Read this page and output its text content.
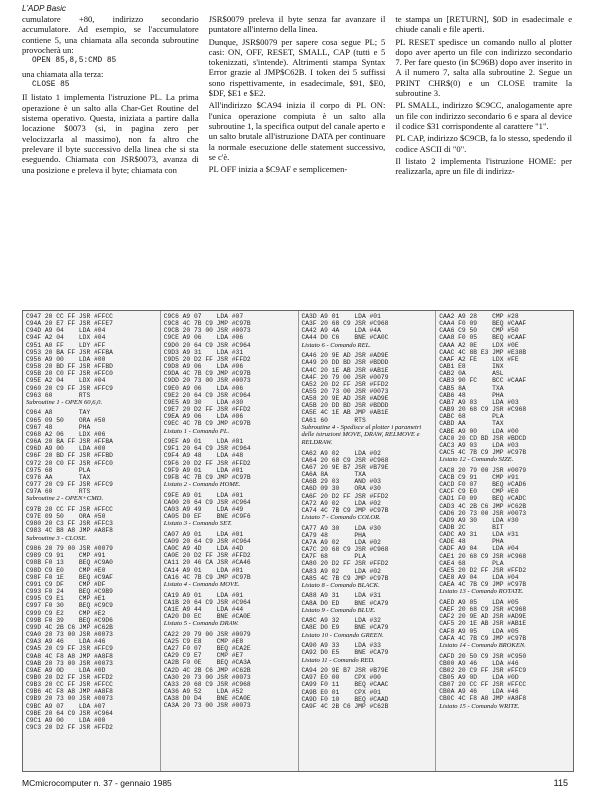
L'ADP Basic

cumulatore +80, indirizzo secondario accumulatore. Ad esempio, se l'accumulatore contiene 5, una chiamata alla seconda subroutine provocherà un:

OPEN 85,8,5:CMD 85

una chiamata alla terza:

CLOSE 85

Il listato 1 implementa l'istruzione PL. La prima operazione è un salto alla Char-Get Routine del sistema operativo. Questa, iniziata a partire dalla locazione $0073 (si, in pagina zero per velocizzarla al massimo), non fa altro che prelevare il byte successivo della linea che si sta eseguendo. Chiamata con JSR$0073, avanza di una posizione e preleva il byte; chiamata con

JSR$0079 preleva il byte senza far avanzare il puntatore all'interno della linea.

Dunque, JSR$0079 per sapere cosa segue PL; 5 casi: ON, OFF, RESET, SMALL, CAP (tutti e 5 tokenizzati, s'intende). Altrimenti stampa Syntax Error grazie al JMP$C62B. I token dei 5 suffissi sono rispettivamente, in esadecimale, $91, $E0, $DF, $E1 e $E2.

All'indirizzo $CA94 inizia il corpo di PL ON: l'unica operazione compiuta è un salto alla subroutine 1, la specifica output del canale aperto e un salto brutale all'istruzione DATA per continuare la normale esecuzione delle statement successivo, se c'è.

PL OFF inizia a $C9AF e semplicemen-

te stampa un [RETURN], $0D in esadecimale e chiude canali e file aperti.

PL RESET spedisce un comando nullo al plotter dopo aver aperto un file con indirizzo secondario 7. Per fare questo (in $C96B) dopo aver inserito in A il numero 7, salta alla subroutine 2. Segue un PRINT CHR$(0) e un CLOSE tramite la subroutine 3.

PL SMALL, indirizzo $C9CC, analogamente apre un file con indirizzo secondario 6 e spara al device il codice $31 corrispondente al carattere "1".

PL CAP, indirizzo $C9CB, fa lo stesso, spedendo il codice ASCII di "0".

Il listato 2 implementa l'istruzione HOME: per realizzarla, apre un file di indirizz-

C947 20 CC FF JSR #FFCC
C94A 20 E7 FF JSR #FFE7
C94D A9 04    LDA #04
C94F A2 04    LDX #04
C951 A0 FF    LDY #FF
C953 20 BA FF JSR #FFBA
C956 A9 00    LDA #00
C958 20 BD FF JSR #FFBD
C95B 20 C0 FF JSR #FFC0
C95E A2 04    LDX #04
C960 20 C9 FF JSR #FFC9
C963 60       RTS
Subroutine 1 - OPEN 60,6,0.
C964 A8       TAY
C965 09 50    ORA #50
C967 48       PHA
C968 A2 06    LDX #06
C96A 20 BA FF JSR #FFBA
C96D A9 00    LDA #00
C96F 20 BD FF JSR #FFBD
C972 20 C0 FF JSR #FFC0
C975 68       PLA
C976 AA       TAX
C977 20 C9 FF JSR #FFC9
C97A 60       RTS
Subroutine 2 - OPEN+CMD.
C97B 20 CC FF JSR #FFCC
C97E 09 50    ORA #50
C980 20 C3 FF JSR #FFC3
C983 4C B8 A8 JMP #A8F8
Subroutine 3 - CLOSE.
C986 20 79 00 JSR #0079
C989 C9 91    CMP #91
C98B F0 13    BEQ #C9A0
C98D C9 E0    CMP #E0
C98F F0 1E    BEQ #C9AF
C991 C9 DF    CMP #DF
C993 F0 24    BEQ #C9B9
C995 C9 E1    CMP #E1
C997 F0 30    BEQ #C9C9
C999 C9 E2    CMP #E2
C99B F0 39    BEQ #C9D6
C99D 4C 2B C6 JMP #C62B
C9A0 20 73 00 JSR #0073
C9A3 A9 46    LDA #46
C9A5 20 C9 FF JSR #FFC9
C9A8 4C F8 A8 JMP #A8F8
C9AB 20 73 00 JSR #0073
C9AE A9 0D    LDA #0D
C9B0 20 D2 FF JSR #FFD2
C9B3 20 CC FF JSR #FFCC
C9B6 4C F8 A8 JMP #A8F8
C9B9 20 73 00 JSR #0073
C9BC A9 07    LDA #07
C9BE 20 64 C9 JSR #C964
C9C1 A9 00    LDA #00
C9C3 20 D2 FF JSR #FFD2
C9C6 A9 07    LDA #07
C9C8 4C 7B C9 JMP #C97B
C9CB 20 73 00 JSR #0073
C9CE A9 06    LDA #06
C9D0 20 64 C9 JSR #C964
C9D3 A9 31    LDA #31
C9D5 20 D2 FF JSR #FFD2
C9D8 A9 06    LDA #06
C9DA 4C 7B C9 JMP #C97B
C9DD 20 73 00 JSR #0073
C9E0 A9 06    LDA #06
C9E2 20 64 C9 JSR #C964
C9E5 A9 30    LDA #30
C9E7 20 D2 FF JSR #FFD2
C9EA A9 06    LDA #06
C9EC 4C 7B C9 JMP #C97B
Listato 1 - Comando PL.
C9EF A9 01    LDA #01
C9F1 20 64 C9 JSR #C964
C9F4 A9 48    LDA #48
C9F6 20 D2 FF JSR #FFD2
C9F9 A9 01    LDA #01
C9FB 4C 7B C9 JMP #C97B
Listato 2 - Comando HOME.
C9FE A9 01    LDA #01
CA00 20 64 C9 JSR #C964
CA03 A9 49    LDA #49
CA05 D0 EF    BNE #C9F6
Listato 3 - Comando SET.
CA07 A9 01    LDA #01
CA09 20 64 C9 JSR #C964
CA0C A9 4D    LDA #4D
CA0E 20 D2 FF JSR #FFD2
CA11 20 46 CA JSR #CA46
CA14 A9 01    LDA #01
CA16 4C 7B C9 JMP #C97B
Listato 4 - Comando MOVE.
CA19 A9 01    LDA #01
CA1B 20 64 C9 JSR #C964
CA1E A9 44    LDA #44
CA20 D0 EC    BNE #CA0E
Listato 5 - Comando DRAW.
CA22 20 79 00 JSR #0079
CA25 C9 E8    CMP #E8
CA27 F0 07    BEQ #CA2E
CA29 C9 E7    CMP #E7
CA2B F0 0E    BEQ #CA3A
CA2D 4C 2B C6 JMP #C62B
CA30 20 73 00 JSR #0073
CA33 20 68 C9 JSR #C968
CA36 A9 52    LDA #52
CA38 D0 D4    BNE #CA0E
CA3A 20 73 00 JSR #0073
CA3D A9 01    LDA #01
CA3F 20 68 C9 JSR #C968
CA42 A9 4A    LDA #4A
CA44 D0 C6    BNE #CA0C
Listato 6 - Comando REL.
CA46 20 9E AD JSR #AD9E
CA49 20 DD BD JSR #BDDD
CA4C 20 1E AB JSR #AB1E
CA4F 20 79 00 JSR #0079
CA52 20 D2 FF JSR #FFD2
CA55 20 73 00 JSR #0073
CA58 20 9E AD JSR #AD9E
CA5B 20 DD BD JSR #BDDD
CA5E 4C 1E AB JMP #AB1E
CA61 60       RTS
Subroutine 4 - Spedisce al plotter i parametri delle istruzioni MOVE, DRAW, RELMOVE e RELDRAW.
CA62 A9 02    LDA #02
CA64 20 68 C9 JSR #C968
CA67 20 9E B7 JSR #B79E
CA6A 8A       TXA
CA6B 29 03    AND #03
CA6D 09 30    ORA #30
CA6F 20 D2 FF JSR #FFD2
CA72 A9 02    LDA #02
CA74 4C 7B C9 JMP #C97B
Listato 7 - Comando COLOR.
CA77 A9 30    LDA #30
CA79 48       PHA
CA7A A9 02    LDA #02
CA7C 20 68 C9 JSR #C968
CA7F 68       PLA
CA80 20 D2 FF JSR #FFD2
CA83 A9 02    LDA #02
CA85 4C 7B C9 JMP #C97B
Listato 8 - Comando BLACK.
CA88 A9 31    LDA #31
CA8A D0 ED    BNE #CA79
Listato 9 - Comando BLUE.
CA8C A9 32    LDA #32
CA8E D0 E9    BNE #CA79
Listato 10 - Comando GREEN.
CA90 A9 33    LDA #33
CA92 D0 E5    BNE #CA79
Listato 11 - Comando RED.
CA94 20 9E B7 JSR #B79E
CA97 E0 00    CPX #00
CA99 F0 11    BEQ #CAAC
CA9B E0 01    CPX #01
CA9D F0 10    BEQ #CAAD
CA9F 4C 2B C6 JMP #C62B
CAA2 A9 28    CMP #28
CAA4 F0 09    BEQ #CAAF
CAA6 C9 50    CMP #50
CAA8 F0 05    BEQ #CAAF
CAAA A2 0E    LDX #0E
CAAC 4C 8B E3 JMP #E38B
CAAF A2 FE    LDX #FE
CAB1 E8       INX
CAB2 0A       ASL
CAB3 90 FC    BCC #CAAF
CAB5 8A       TXA
CAB6 48       PHA
CAB7 A9 03    LDA #03
CAB9 20 68 C9 JSR #C968
CABC 68       PLA
CABD AA       TAX
CABE A9 00    LDA #00
CAC0 20 CD BD JSR #BDCD
CAC3 A9 03    LDA #03
CAC5 4C 7B C9 JMP #C97B
Listato 12 - Comando SIZE.
CAC8 20 79 00 JSR #0079
CACB C9 91    CMP #91
CACD F0 07    BEQ #CAD6
CACF C9 E0    CMP #E0
CAD1 F0 09    BEQ #CADC
CAD3 4C 2B C6 JMP #C62B
CAD6 20 73 00 JSR #0073
CAD9 A9 30    LDA #30
CADB 2C       BIT
CADC A9 31    LDA #31
CADE 48       PHA
CADF A9 04    LDA #04
CAE1 20 68 C9 JSR #C968
CAE4 68       PLA
CAE5 20 D2 FF JSR #FFD2
CAE8 A9 04    LDA #04
CAEA 4C 7B C9 JMP #C97B
Listato 13 - Comando ROTATE.
CAED A9 05    LDA #05
CAEF 20 68 C9 JSR #C968
CAF2 20 9E AD JSR #AD9E
CAF5 20 1E AB JSR #AB1E
CAF8 A9 05    LDA #05
CAFA 4C 7B C9 JMP #C97B
Listato 14 - Comando BROKEN.
CAFD 20 50 C9 JSR #C950
CB00 A9 46    LDA #46
CB02 20 C9 FF JSR #FFC9
CB05 A9 0D    LDA #0D
CB07 20 CC FF JSR #FFCC
CB0A A9 46    LDA #46
CB0C 4C F8 A8 JMP #A8F8
Listato 15 - Comando WRITE.
MCmicrocomputer n. 37 - gennaio 1985	115
